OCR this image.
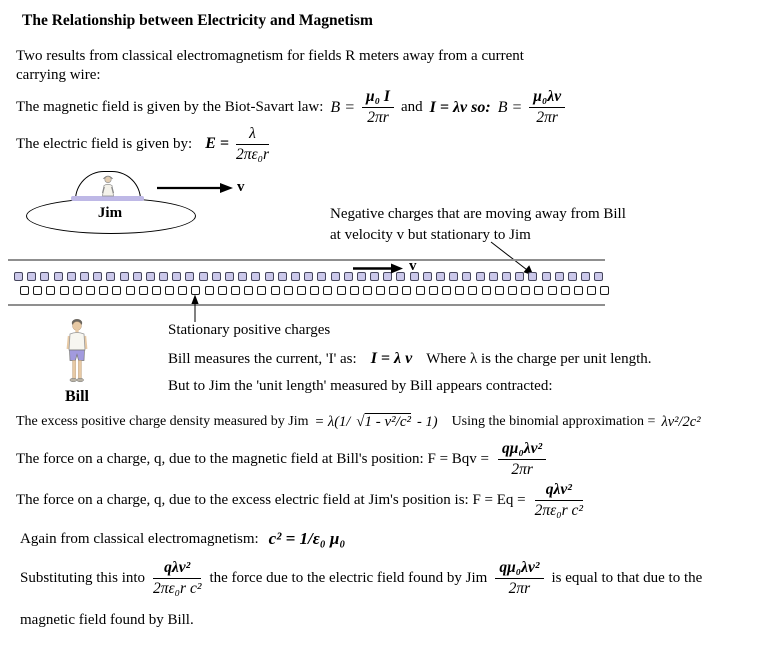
The Relationship between Electricity and Magnetism
Two results from classical electromagnetism for fields R meters away from a current carrying wire:
The magnetic field is given by the Biot-Savart law: $B = \frac{\text{μ₀ I}}{2\pi r}$ and I = λv so: $B = \frac{\text{μ₀λv}}{2\pi r}$
The electric field is given by: $E = \frac{\lambda}{\text{2πε₀r}}$
Jim
v
Negative charges that are moving away from Bill at velocity v but stationary to Jim
v
Stationary positive charges
Bill
Bill measures the current, 'I' as: I = λ v Where λ is the charge per unit length.
But to Jim the 'unit length' measured by Bill appears contracted:
The excess positive charge density measured by Jim = λ(1/ √1 - v²/c² - 1) Using the binomial approximation = λv²/2c²
The force on a charge, q, due to the magnetic field at Bill's position: F = Bqv = $\frac{\text{qμ₀λv²}}{2\pi r}$
The force on a charge, q, due to the excess electric field at Jim's position is: $F = Eq = \frac{\text{qλv²}}{\text{2πε₀r c²}}$
Again from classical electromagnetism: c² = 1/ε₀ μ₀
Substituting this into $\frac{\text{qλv²}}{\text{2πε₀r c²}}$ the force due to the electric field found by Jim $\frac{\text{qμ₀λv²}}{2\pi r}$ is equal to that due to the
magnetic field found by Bill.
